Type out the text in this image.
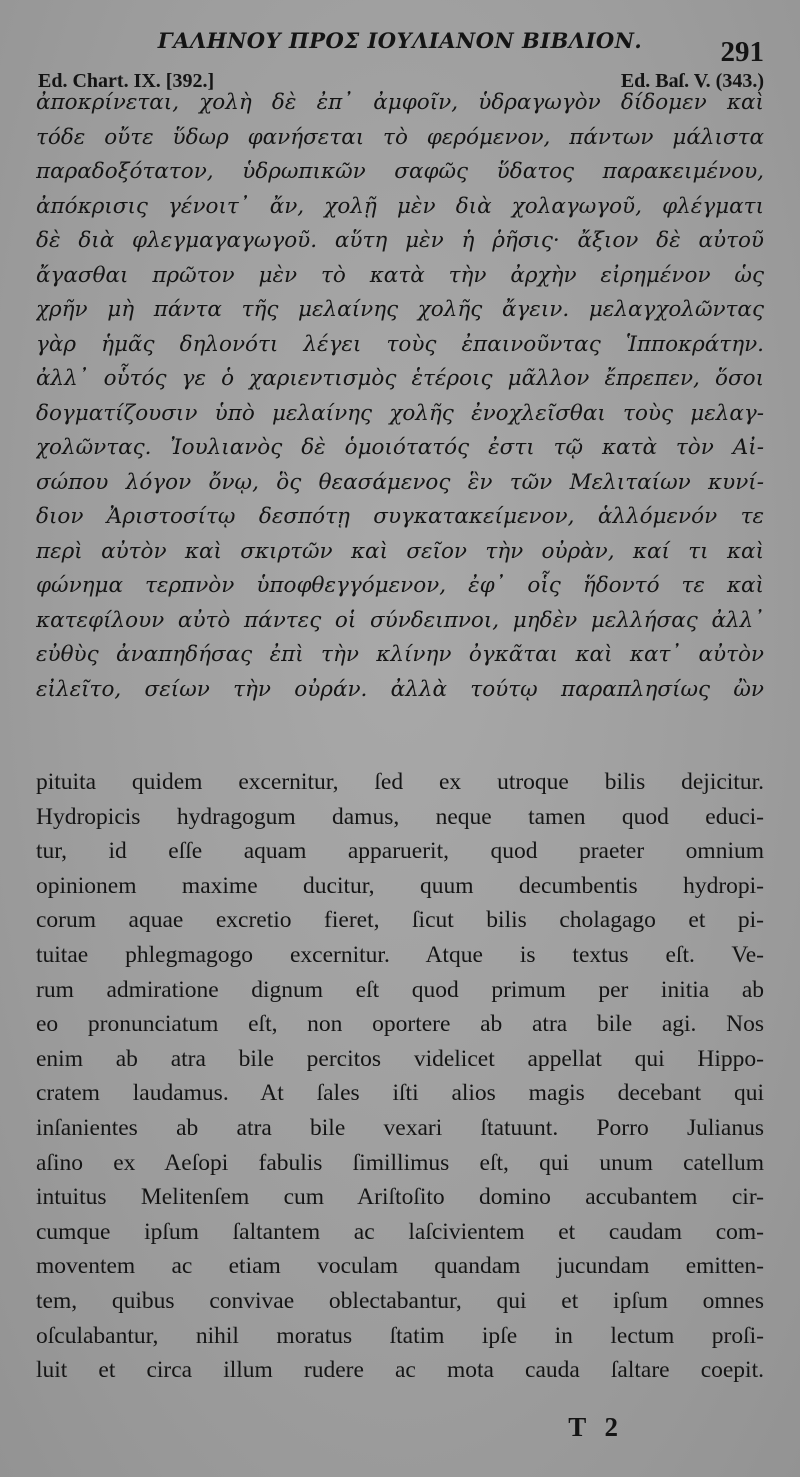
ΓΑΛΗΝΟΥ ΠΡΟΣ ΙΟΥΛΙΑΝΟΝ ΒΙΒΛΙΟΝ.	291
Ed. Chart. IX. [392.]	Ed. Baſ. V. (343.)
ἀποκρίνεται, χολὴ δὲ ἐπ᾽ ἀμφοῖν, ὑδραγωγὸν δίδομεν καὶ
τόδε οὔτε ὕδωρ φανήσεται τὸ φερόμενον, πάντων μάλιστα
παραδοξότατον, ὑδρωπικῶν σαφῶς ὕδατος παρακειμένου,
ἀπόκρισις γένοιτ᾽ ἄν, χολῇ μὲν διὰ χολαγωγοῦ, φλέγματι
δὲ διὰ φλεγμαγαγωγοῦ. αὕτη μὲν ἡ ῥῆσις· ἄξιον δὲ αὐτοῦ
ἄγασθαι πρῶτον μὲν τὸ κατὰ τὴν ἀρχὴν εἰρημένον ὡς
χρῆν μὴ πάντα τῆς μελαίνης χολῆς ἄγειν. μελαγχολῶντας
γὰρ ἡμᾶς δηλονότι λέγει τοὺς ἐπαινοῦντας Ἱπποκράτην.
ἀλλ᾽ οὗτός γε ὁ χαριεντισμὸς ἑτέροις μᾶλλον ἔπρεπεν, ὅσοι
δογματίζουσιν ὑπὸ μελαίνης χολῆς ἐνοχλεῖσθαι τοὺς μελαγ-
χολῶντας. Ἰουλιανὸς δὲ ὁμοιότατός ἐστι τῷ κατὰ τὸν Αἰ-
σώπου λόγον ὄνῳ, ὃς θεασάμενος ἓν τῶν Μελιταίων κυνί-
διον Ἀριστοσίτῳ δεσπότῃ συγκατακείμενον, ἁλλόμενόν τε
περὶ αὐτὸν καὶ σκιρτῶν καὶ σεῖον τὴν οὐρὰν, καί τι καὶ
φώνημα τερπνὸν ὑποφθεγγόμενον, ἐφ᾽ οἷς ἥδοντό τε καὶ
κατεφίλουν αὐτὸ πάντες οἱ σύνδειπνοι, μηδὲν μελλήσας ἀλλ᾽
εὐθὺς ἀναπηδήσας ἐπὶ τὴν κλίνην ὀγκᾶται καὶ κατ᾽ αὐτὸν
εἰλεῖτο, σείων τὴν οὐράν. ἀλλὰ τούτῳ παραπλησίως ὢν
pituita quidem excernitur, ſed ex utroque bilis dejicitur.
Hydropicis hydragogum damus, neque tamen quod educi-
tur, id eſſe aquam apparuerit, quod praeter omnium
opinionem maxime ducitur, quum decumbentis hydropi-
corum aquae excretio fieret, ſicut bilis cholagago et pi-
tuitae phlegmagogo excernitur. Atque is textus eſt. Ve-
rum admiratione dignum eſt quod primum per initia ab
eo pronunciatum eſt, non oportere ab atra bile agi. Nos
enim ab atra bile percitos videlicet appellat qui Hippo-
cratem laudamus. At ſales iſti alios magis decebant qui
inſanientes ab atra bile vexari ſtatuunt. Porro Julianus
aſino ex Aeſopi fabulis ſimillimus eſt, qui unum catellum
intuitus Melitenſem cum Ariſtoſito domino accubantem cir-
cumque ipſum ſaltantem ac laſcivientem et caudam com-
moventem ac etiam voculam quandam jucundam emitten-
tem, quibus convivae oblectabantur, qui et ipſum omnes
oſculabantur, nihil moratus ſtatim ipſe in lectum proſi-
luit et circa illum rudere ac mota cauda ſaltare coepit.
T 2
